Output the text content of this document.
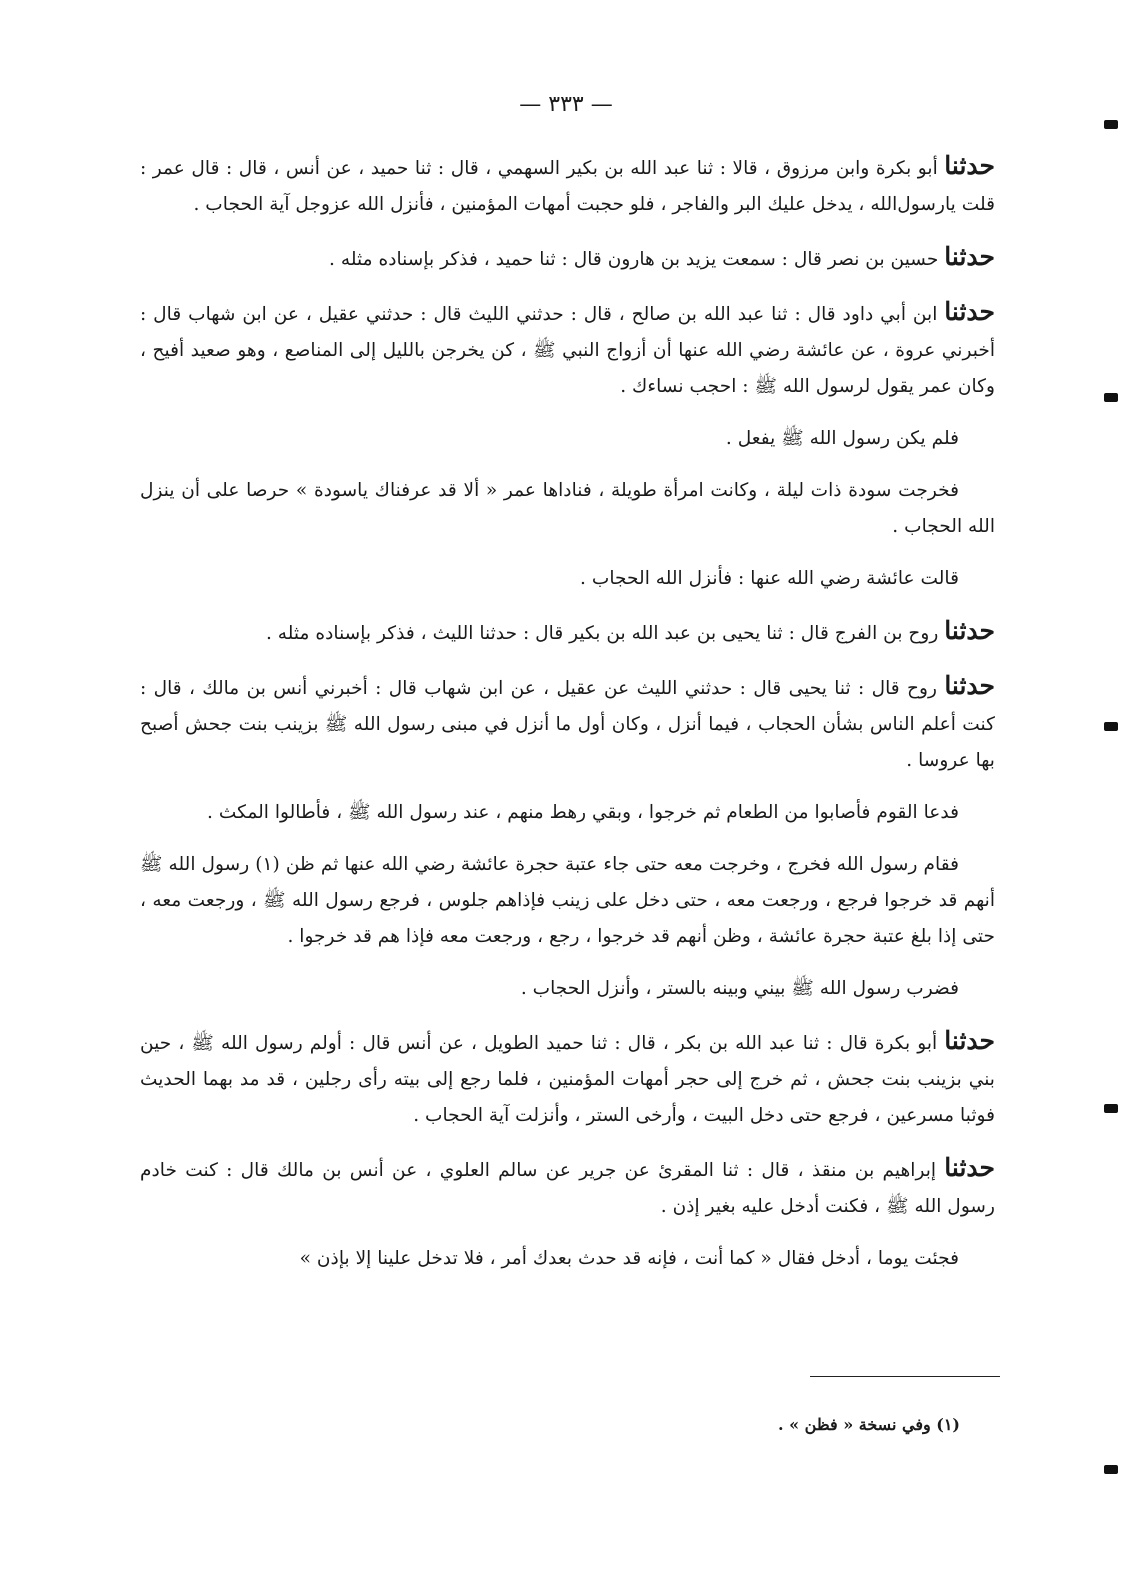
— ٣٣٣ —

حدثنا أبو بكرة وابن مرزوق ، قالا : ثنا عبد الله بن بكير السهمي ، قال : ثنا حميد ، عن أنس ، قال : قال عمر : قلت يارسول‌الله ، يدخل عليك البر والفاجر ، فلو حجبت أمهات المؤمنين ، فأنزل الله عزوجل آية الحجاب .

حدثنا حسين بن نصر قال : سمعت يزيد بن هارون قال : ثنا حميد ، فذكر بإسناده مثله .

حدثنا ابن أبي داود قال : ثنا عبد الله بن صالح ، قال : حدثني الليث قال : حدثني عقيل ، عن ابن شهاب قال : أخبرني عروة ، عن عائشة رضي الله عنها أن أزواج النبي ﷺ ، كن يخرجن بالليل إلى المناصع ، وهو صعيد أفيح ، وكان عمر يقول لرسول الله ﷺ : احجب نساءك .

فلم يكن رسول الله ﷺ يفعل .

فخرجت سودة ذات ليلة ، وكانت امرأة طويلة ، فناداها عمر « ألا قد عرفناك ياسودة » حرصا على أن ينزل الله الحجاب .

قالت عائشة رضي الله عنها : فأنزل الله الحجاب .

حدثنا روح بن الفرج قال : ثنا يحيى بن عبد الله بن بكير قال : حدثنا الليث ، فذكر بإسناده مثله .

حدثنا روح قال : ثنا يحيى قال : حدثني الليث عن عقيل ، عن ابن شهاب قال : أخبرني أنس بن مالك ، قال : كنت أعلم الناس بشأن الحجاب ، فيما أنزل ، وكان أول ما أنزل في مبنى رسول الله ﷺ بزينب بنت جحش أصبح بها عروسا .

فدعا القوم فأصابوا من الطعام ثم خرجوا ، وبقي رهط منهم ، عند رسول الله ﷺ ، فأطالوا المكث .

فقام رسول الله فخرج ، وخرجت معه حتى جاء عتبة حجرة عائشة رضي الله عنها ثم ظن (١) رسول الله ﷺ أنهم قد خرجوا فرجع ، ورجعت معه ، حتى دخل على زينب فإذاهم جلوس ، فرجع رسول الله ﷺ ، ورجعت معه ، حتى إذا بلغ عتبة حجرة عائشة ، وظن أنهم قد خرجوا ، رجع ، ورجعت معه فإذا هم قد خرجوا .

فضرب رسول الله ﷺ بيني وبينه بالستر ، وأنزل الحجاب .

حدثنا أبو بكرة قال : ثنا عبد الله بن بكر ، قال : ثنا حميد الطويل ، عن أنس قال : أولم رسول الله ﷺ ، حين بني بزينب بنت جحش ، ثم خرج إلى حجر أمهات المؤمنين ، فلما رجع إلى بيته رأى رجلين ، قد مد بهما الحديث فوثبا مسرعين ، فرجع حتى دخل البيت ، وأرخى الستر ، وأنزلت آية الحجاب .

حدثنا إبراهيم بن منقذ ، قال : ثنا المقرئ عن جرير عن سالم العلوي ، عن أنس بن مالك قال : كنت خادم رسول الله ﷺ ، فكنت أدخل عليه بغير إذن .

فجئت يوما ، أدخل فقال « كما أنت ، فإنه قد حدث بعدك أمر ، فلا تدخل علينا إلا بإذن »

(١) وفي نسخة « فظن » .
